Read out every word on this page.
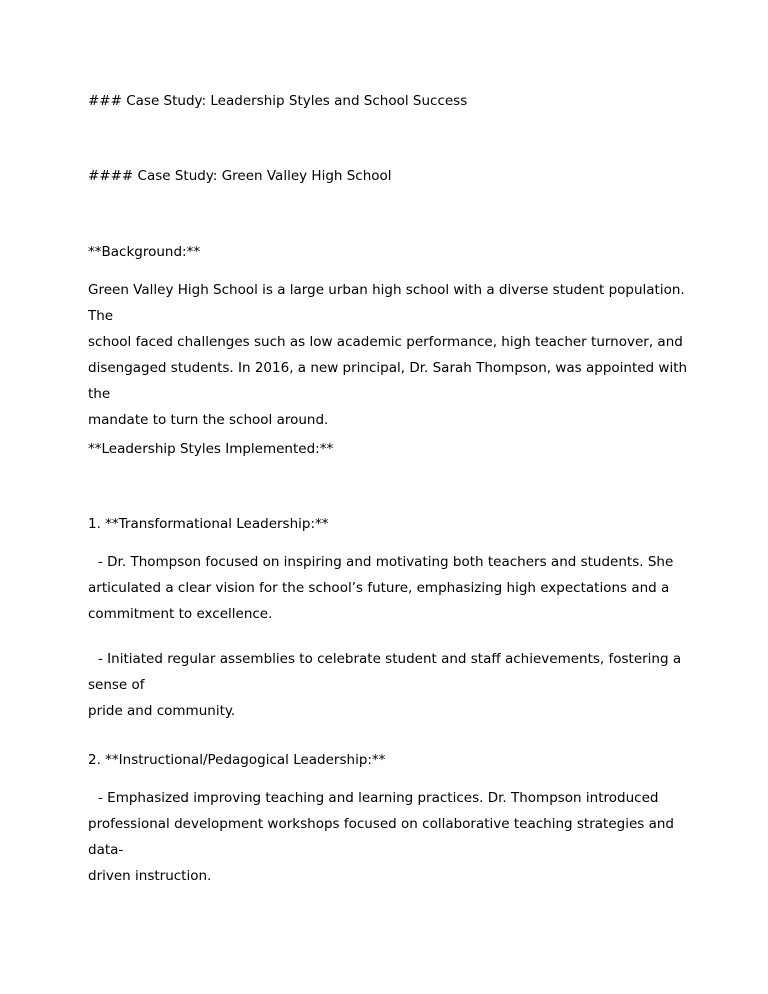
### Case Study: Leadership Styles and School Success
#### Case Study: Green Valley High School
**Background:**
Green Valley High School is a large urban high school with a diverse student population. The
school faced challenges such as low academic performance, high teacher turnover, and
disengaged students. In 2016, a new principal, Dr. Sarah Thompson, was appointed with the
mandate to turn the school around.
**Leadership Styles Implemented:**
1. **Transformational Leadership:**
- Dr. Thompson focused on inspiring and motivating both teachers and students. She
articulated a clear vision for the school’s future, emphasizing high expectations and a
commitment to excellence.
- Initiated regular assemblies to celebrate student and staff achievements, fostering a sense of
pride and community.
2. **Instructional/Pedagogical Leadership:**
- Emphasized improving teaching and learning practices. Dr. Thompson introduced
professional development workshops focused on collaborative teaching strategies and data-
driven instruction.
